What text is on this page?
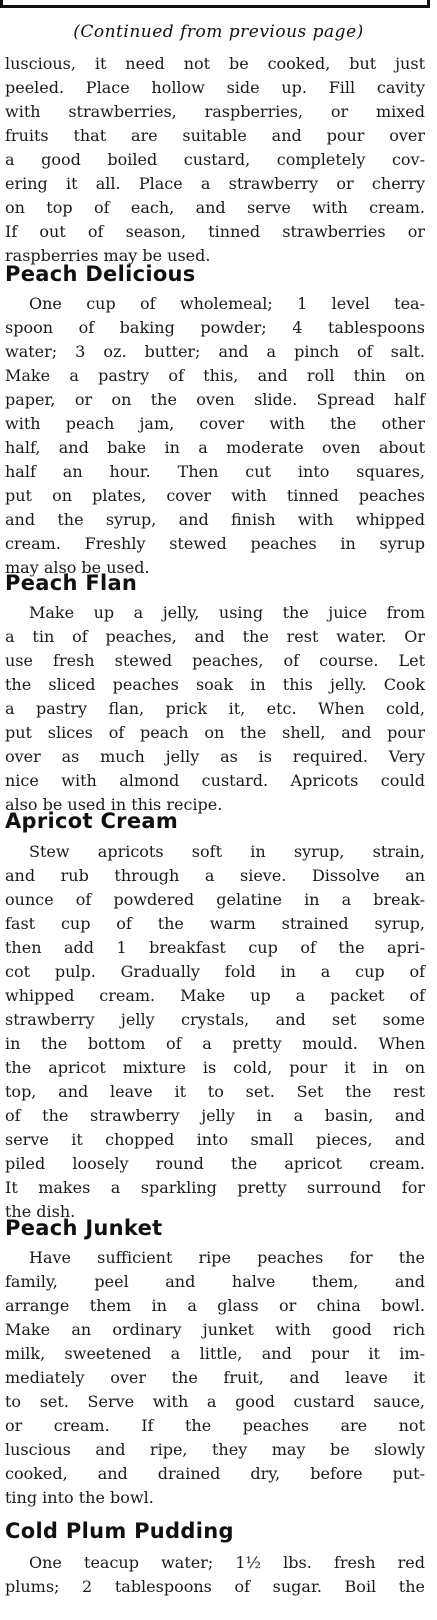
(Continued from previous page)

luscious, it need not be cooked, but just
peeled. Place hollow side up. Fill cavity
with strawberries, raspberries, or mixed
fruits that are suitable and pour over
a good boiled custard, completely cov-
ering it all. Place a strawberry or cherry
on top of each, and serve with cream.
If out of season, tinned strawberries or
raspberries may be used.
Peach Delicious
One cup of wholemeal; 1 level tea-
spoon of baking powder; 4 tablespoons
water; 3 oz. butter; and a pinch of salt.
Make a pastry of this, and roll thin on
paper, or on the oven slide. Spread half
with peach jam, cover with the other
half, and bake in a moderate oven about
half an hour. Then cut into squares,
put on plates, cover with tinned peaches
and the syrup, and finish with whipped
cream. Freshly stewed peaches in syrup
may also be used.
Peach Flan
Make up a jelly, using the juice from
a tin of peaches, and the rest water. Or
use fresh stewed peaches, of course. Let
the sliced peaches soak in this jelly. Cook
a pastry flan, prick it, etc. When cold,
put slices of peach on the shell, and pour
over as much jelly as is required. Very
nice with almond custard. Apricots could
also be used in this recipe.
Apricot Cream
Stew apricots soft in syrup, strain,
and rub through a sieve. Dissolve an
ounce of powdered gelatine in a break-
fast cup of the warm strained syrup,
then add 1 breakfast cup of the apri-
cot pulp. Gradually fold in a cup of
whipped cream. Make up a packet of
strawberry jelly crystals, and set some
in the bottom of a pretty mould. When
the apricot mixture is cold, pour it in on
top, and leave it to set. Set the rest
of the strawberry jelly in a basin, and
serve it chopped into small pieces, and
piled loosely round the apricot cream.
It makes a sparkling pretty surround for
the dish.
Peach Junket
Have sufficient ripe peaches for the
family, peel and halve them, and
arrange them in a glass or china bowl.
Make an ordinary junket with good rich
milk, sweetened a little, and pour it im-
mediately over the fruit, and leave it
to set. Serve with a good custard sauce,
or cream. If the peaches are not
luscious and ripe, they may be slowly
cooked, and drained dry, before put-
ting into the bowl.
Cold Plum Pudding
One teacup water; 1½ lbs. fresh red
plums; 2 tablespoons of sugar. Boil the
